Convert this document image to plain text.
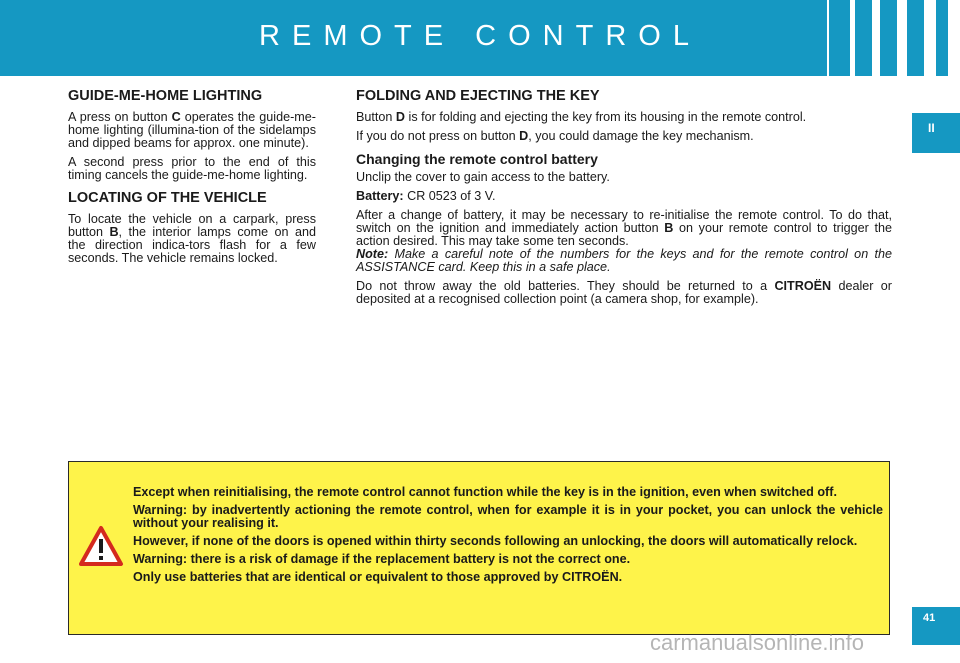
REMOTE CONTROL
II
41
GUIDE-ME-HOME LIGHTING

A press on button C operates the guide-me-home lighting (illumina-tion of the sidelamps and dipped beams for approx. one minute).

A second press prior to the end of this timing cancels the guide-me-home lighting.

LOCATING OF THE VEHICLE

To locate the vehicle on a carpark, press button B, the interior lamps come on and the direction indica-tors flash for a few seconds. The vehicle remains locked.

FOLDING AND EJECTING THE KEY

Button D is for folding and ejecting the key from its housing in the remote control.

If you do not press on button D, you could damage the key mechanism.

Changing the remote control battery

Unclip the cover to gain access to the battery.

Battery: CR 0523 of 3 V.

After a change of battery, it may be necessary to re-initialise the remote control. To do that, switch on the ignition and immediately action button B on your remote control to trigger the action desired. This may take some ten seconds.

Note: Make a careful note of the numbers for the keys and for the remote control on the ASSISTANCE card. Keep this in a safe place.

Do not throw away the old batteries. They should be returned to a CITROËN dealer or deposited at a recognised collection point (a camera shop, for example).

Except when reinitialising, the remote control cannot function while the key is in the ignition, even when switched off.

Warning: by inadvertently actioning the remote control, when for example it is in your pocket, you can unlock the vehicle without your realising it.

However, if none of the doors is opened within thirty seconds following an unlocking, the doors will automatically relock.

Warning: there is a risk of damage if the replacement battery is not the correct one.

Only use batteries that are identical or equivalent to those approved by CITROËN.

carmanualsonline.info
